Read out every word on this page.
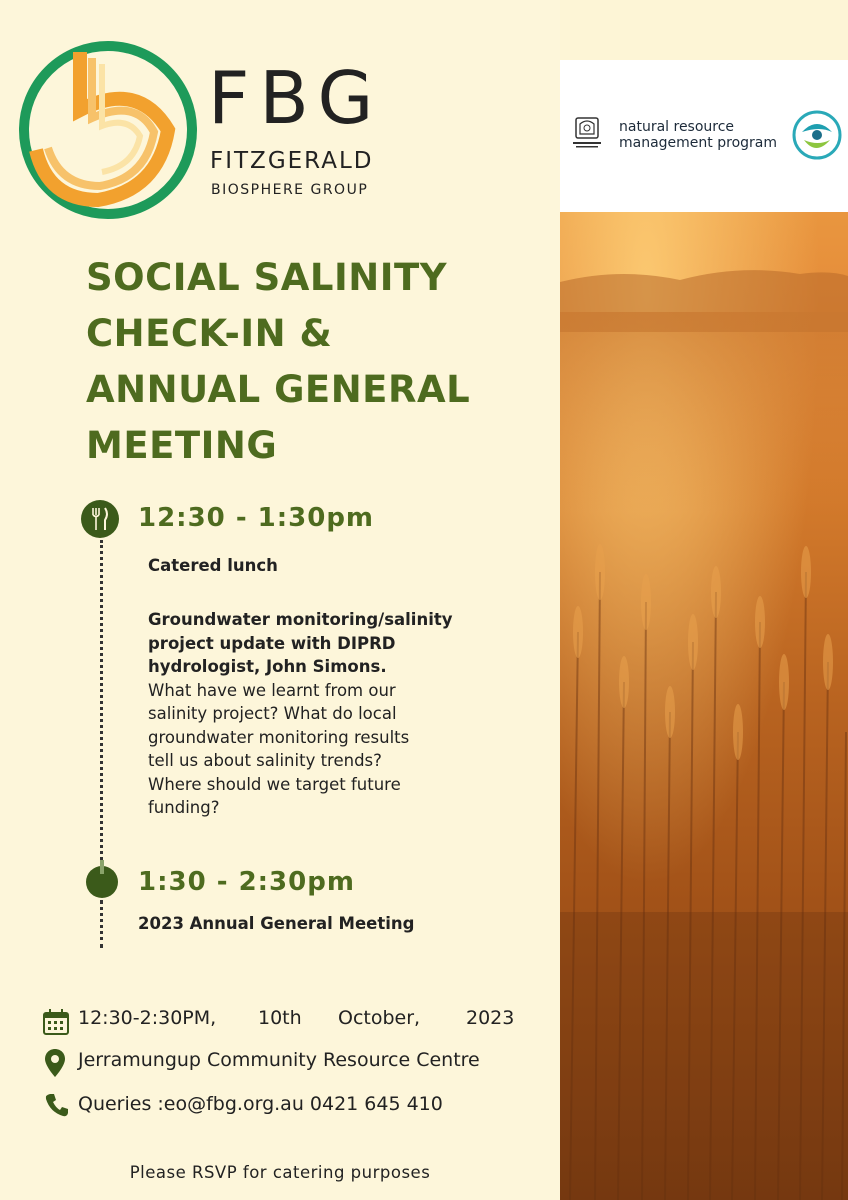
natural resource
management program
FBG
FITZGERALD
BIOSPHERE GROUP
SOCIAL SALINITY
CHECK-IN &
ANNUAL GENERAL
MEETING
12:30 - 1:30pm
Catered lunch
Groundwater monitoring/salinity
project update with DIPRD
hydrologist, John Simons.
What have we learnt from our
salinity project? What do local
groundwater monitoring results
tell us about salinity trends?
Where should we target future
funding?
1:30 - 2:30pm
2023 Annual General Meeting
12:30-2:30PM, 10th October, 2023
Jerramungup Community Resource Centre
Queries :eo@fbg.org.au 0421 645 410
Please RSVP for catering purposes
